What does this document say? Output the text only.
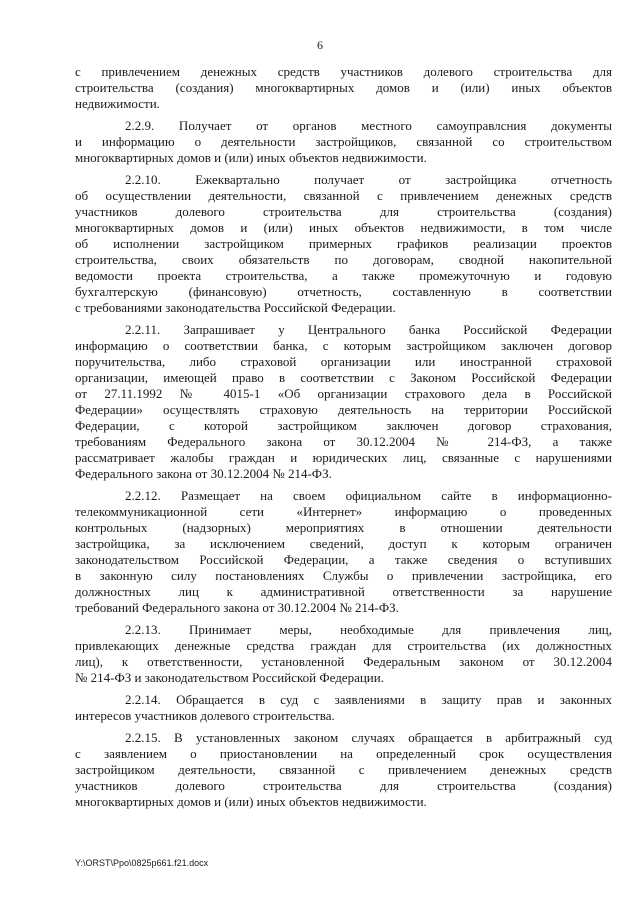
6
с привлечением денежных средств участников долевого строительства для
строительства (создания) многоквартирных домов и (или) иных объектов
недвижимости.
2.2.9. Получает от органов местного самоуправлсния документы
и информацию о деятельности застройщиков, связанной со строительством
многоквартирных домов и (или) иных объектов недвижимости.
2.2.10. Ежеквартально получает от застройщика отчетность
об осуществлении деятельности, связанной с привлечением денежных средств
участников долевого строительства для строительства (создания)
многоквартирных домов и (или) иных объектов недвижимости, в том числе
об исполнении застройщиком примерных графиков реализации проектов
строительства, своих обязательств по договорам, сводной накопительной
ведомости проекта строительства, а также промежуточную и годовую
бухгалтерскую (финансовую) отчетность, составленную в соответствии
с требованиями законодательства Российской Федерации.
2.2.11. Запрашивает у Центрального банка Российской Федерации
информацию о соответствии банка, с которым застройщиком заключен договор
поручительства, либо страховой организации или иностранной страховой
организации, имеющей право в соответствии с Законом Российской Федерации
от 27.11.1992 № 4015-1 «Об организации страхового дела в Российской
Федерации» осуществлять страховую деятельность на территории Российской
Федерации, с которой застройщиком заключен договор страхования,
требованиям Федерального закона от 30.12.2004 № 214-ФЗ, а также
рассматривает жалобы граждан и юридических лиц, связанные с нарушениями
Федерального закона от 30.12.2004 № 214-ФЗ.
2.2.12. Размещает на своем официальном сайте в информационно-
телекоммуникационной сети «Интернет» информацию о проведенных
контрольных (надзорных) мероприятиях в отношении деятельности
застройщика, за исключением сведений, доступ к которым ограничен
законодательством Российской Федерации, а также сведения о вступивших
в законную силу постановлениях Службы о привлечении застройщика, его
должностных лиц к административной ответственности за нарушение
требований Федерального закона от 30.12.2004 № 214-ФЗ.
2.2.13. Принимает меры, необходимые для привлечения лиц,
привлекающих денежные средства граждан для строительства (их должностных
лиц), к ответственности, установленной Федеральным законом от 30.12.2004
№ 214-ФЗ и законодательством Российской Федерации.
2.2.14. Обращается в суд с заявлениями в защиту прав и законных
интересов участников долевого строительства.
2.2.15. В установленных законом случаях обращается в арбитражный суд
с заявлением о приостановлении на определенный срок осуществления
застройщиком деятельности, связанной с привлечением денежных средств
участников долевого строительства для строительства (создания)
многоквартирных домов и (или) иных объектов недвижимости.
Y:\ORST\Ppo\0825p661.f21.docx
